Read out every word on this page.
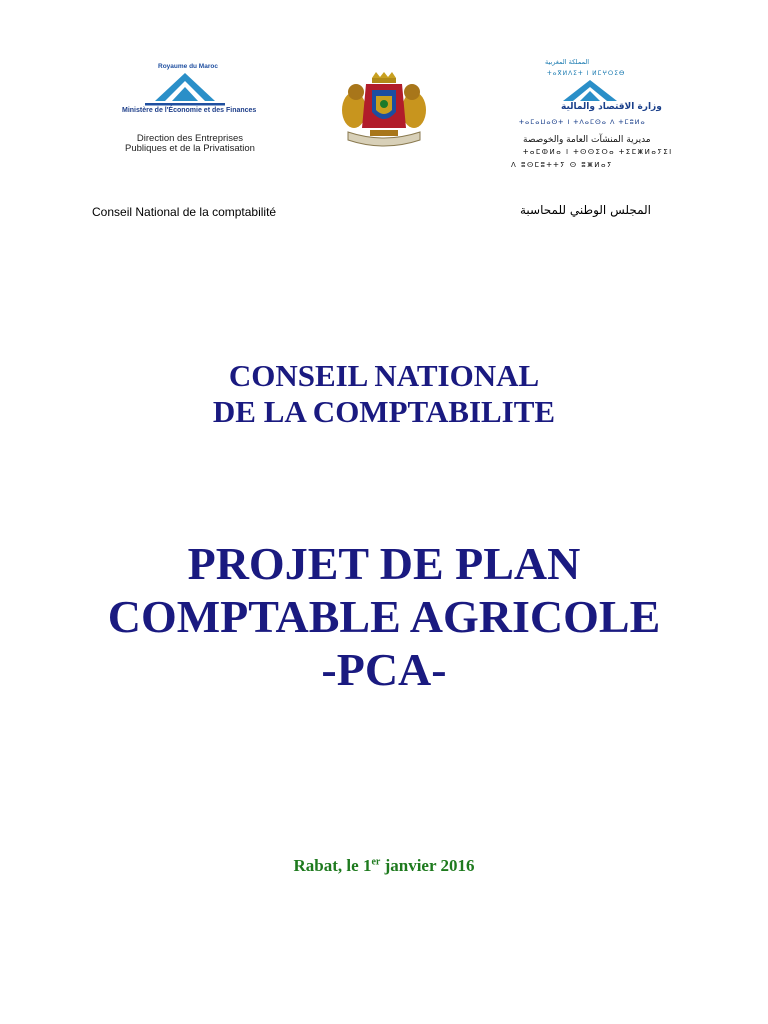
Royaume du Maroc
Ministère de l'Économie et des Finances
Direction des Entreprises
Publiques et de la Privatisation
المملكة المغربية
ⵜⴰⴳⵍⴷⵉⵜ ⵏ ⵍⵎⵖⵔⵉⴱ
وزارة الاقتصاد والمالية
ⵜⴰⵎⴰⵡⴰⵙⵜ ⵏ ⵜⴷⴰⵎⵙⴰ ⴷ ⵜⵎⵓⵍⴰ
مديرية المنشآت العامة والخوصصة
ⵜⴰⵎⵀⵍⴰ ⵏ ⵜⵙⵙⵉⵔⴰ ⵜⵉⵎⵥⵍⴰⵢⵉⵏ
ⴷ ⵓⵙⵎⵓⵜⵜⵢ ⵙ ⵓⵥⵍⴰⵢ
Conseil National de la comptabilité	المجلس الوطني للمحاسبة
CONSEIL NATIONAL
DE LA COMPTABILITE
PROJET DE PLAN
COMPTABLE AGRICOLE
-PCA-
Rabat, le 1er janvier 2016
